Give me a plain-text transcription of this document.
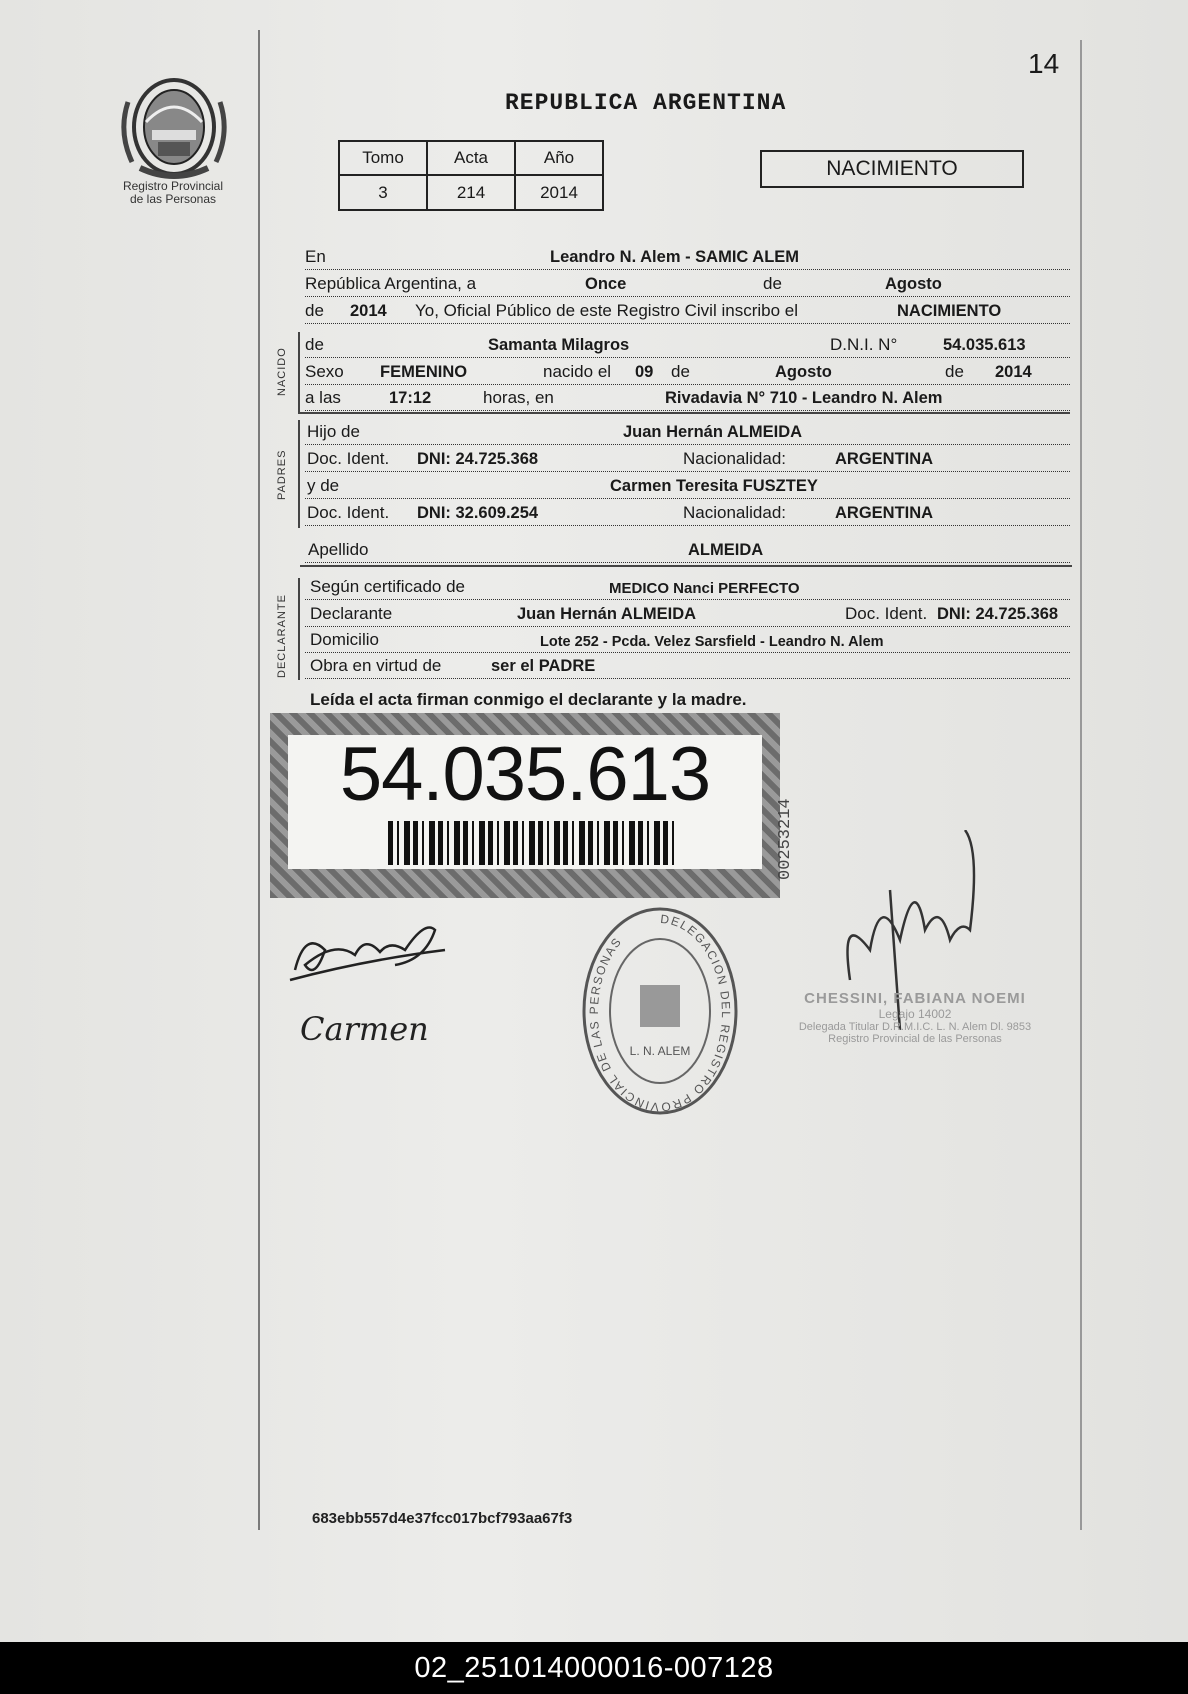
Registro Provincial
de las Personas
14
REPUBLICA ARGENTINA
Tomo	Acta	Año
3	214	2014
NACIMIENTO
En	Leandro N. Alem - SAMIC ALEM
República Argentina, a	Once	de	Agosto
de 2014 Yo, Oficial Público de este Registro Civil inscribo el	NACIMIENTO
NACIDO
de	Samanta Milagros	D.N.I. N°	54.035.613
Sexo FEMENINO	nacido el 09 de	Agosto	de 2014
a las	17:12	horas, en	Rivadavia N° 710 - Leandro N. Alem
PADRES
Hijo de	Juan Hernán ALMEIDA
Doc. Ident. DNI: 24.725.368	Nacionalidad:	ARGENTINA
y de	Carmen Teresita FUSZTEY
Doc. Ident. DNI: 32.609.254	Nacionalidad:	ARGENTINA
Apellido	ALMEIDA
DECLARANTE
Según certificado de	MEDICO Nanci PERFECTO
Declarante	Juan Hernán ALMEIDA	Doc. Ident. DNI: 24.725.368
Domicilio	Lote 252 - Pcda. Velez Sarsfield - Leandro N. Alem
Obra en virtud de	ser el PADRE
Leída el acta firman conmigo el declarante y la madre.
54.035.613
00253214
Carmen
DELEGACION DEL REGISTRO PROVINCIAL DE LAS PERSONAS
L. N. ALEM
CHESSINI, FABIANA NOEMI
Legajo 14002
Delegada Titular D.R.M.I.C. L. N. Alem Dl. 9853
Registro Provincial de las Personas
683ebb557d4e37fcc017bcf793aa67f3
02_251014000016-007128
